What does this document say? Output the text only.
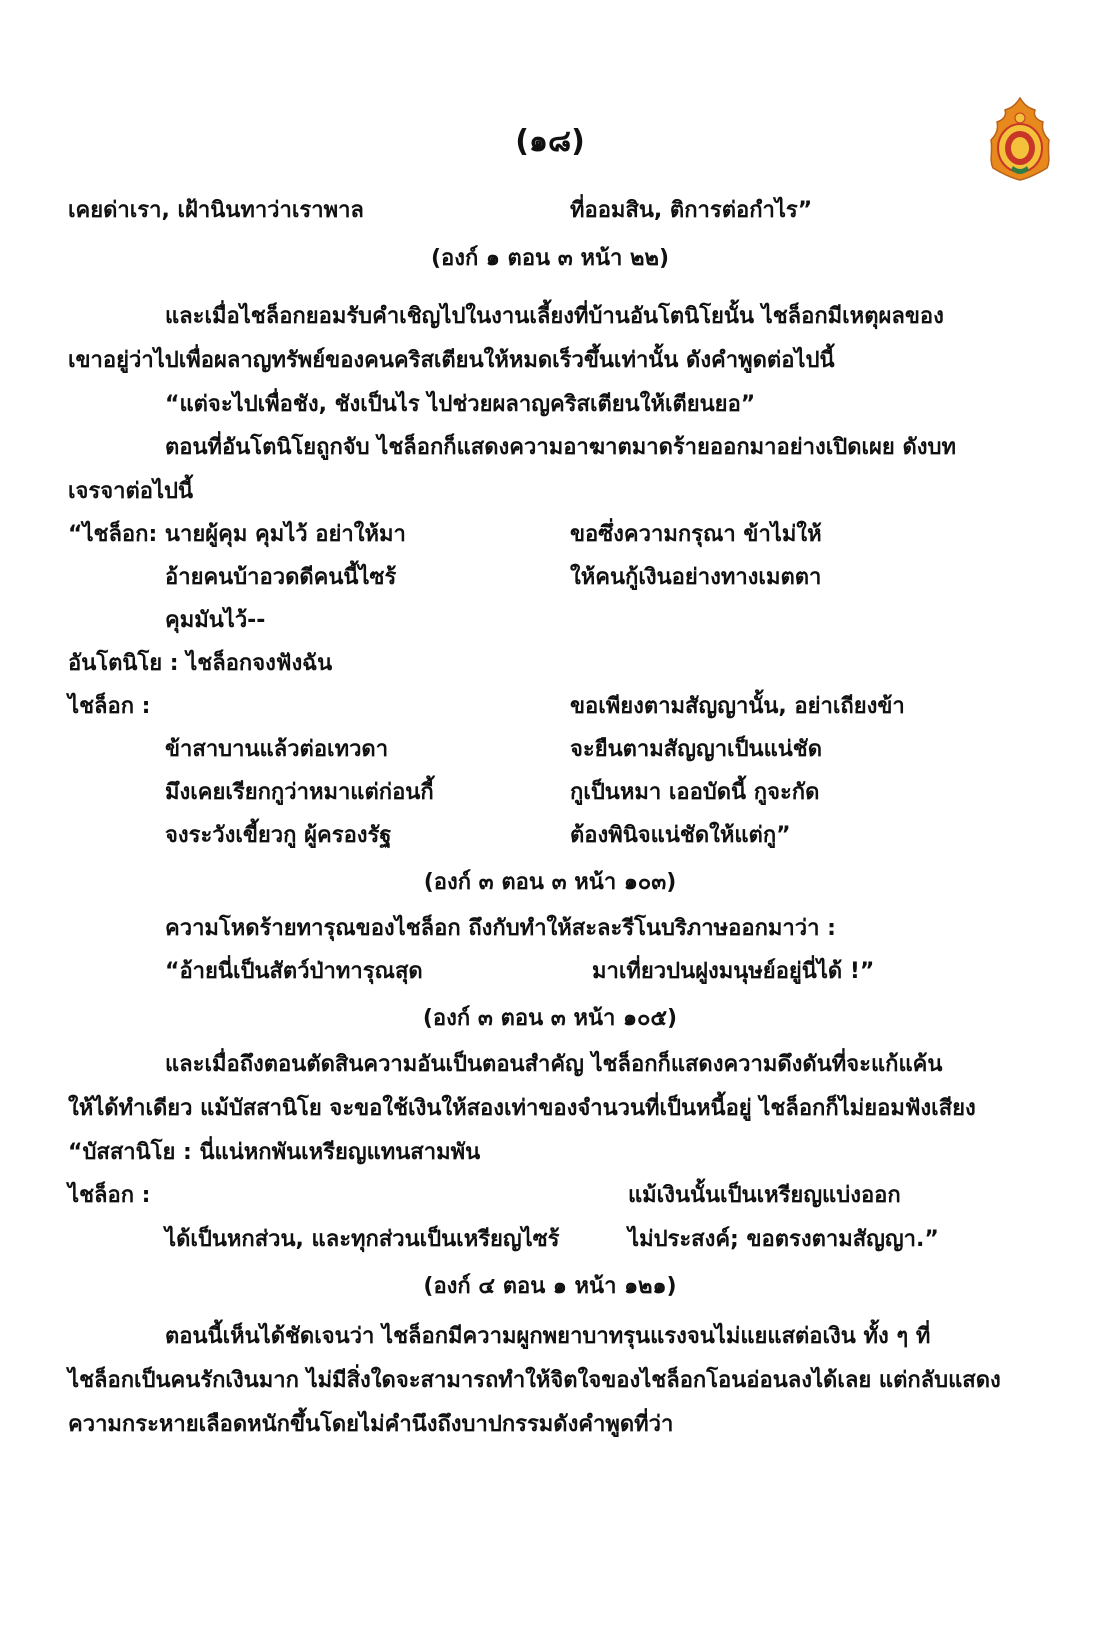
(๑๘)
เคยด่าเรา, เฝ้านินทาว่าเราพาล	ที่ออมสิน, ติการต่อกำไร”
(องก์ ๑ ตอน ๓ หน้า ๒๒)
และเมื่อไชล็อกยอมรับคำเชิญไปในงานเลี้ยงที่บ้านอันโตนิโยนั้น ไชล็อกมีเหตุผลของ
เขาอยู่ว่าไปเพื่อผลาญทรัพย์ของคนคริสเตียนให้หมดเร็วขึ้นเท่านั้น ดังคำพูดต่อไปนี้
“แต่จะไปเพื่อชัง, ชังเป็นไร ไปช่วยผลาญคริสเตียนให้เตียนยอ”
ตอนที่อันโตนิโยถูกจับ ไชล็อกก็แสดงความอาฆาตมาดร้ายออกมาอย่างเปิดเผย ดังบท
เจรจาต่อไปนี้
“ไชล็อก: นายผู้คุม คุมไว้ อย่าให้มา	ขอซึ่งความกรุณา ข้าไม่ให้
อ้ายคนบ้าอวดดีคนนี้ไซร้	ให้คนกู้เงินอย่างทางเมตตา
คุมมันไว้--
อันโตนิโย : ไชล็อกจงฟังฉัน
ไชล็อก :	ขอเพียงตามสัญญานั้น, อย่าเถียงข้า
ข้าสาบานแล้วต่อเทวดา	จะยืนตามสัญญาเป็นแน่ชัด
มึงเคยเรียกกูว่าหมาแต่ก่อนกี้	กูเป็นหมา เออบัดนี้ กูจะกัด
จงระวังเขี้ยวกู ผู้ครองรัฐ	ต้องพินิจแน่ชัดให้แต่กู”
(องก์ ๓ ตอน ๓ หน้า ๑๐๓)
ความโหดร้ายทารุณของไชล็อก ถึงกับทำให้สะละรีโนบริภาษออกมาว่า :
“อ้ายนี่เป็นสัตว์ป่าทารุณสุด	มาเที่ยวปนฝูงมนุษย์อยู่นี่ได้ !”
(องก์ ๓ ตอน ๓ หน้า ๑๐๕)
และเมื่อถึงตอนตัดสินความอันเป็นตอนสำคัญ ไชล็อกก็แสดงความดึงดันที่จะแก้แค้น
ให้ได้ทำเดียว แม้บัสสานิโย จะขอใช้เงินให้สองเท่าของจำนวนที่เป็นหนี้อยู่ ไชล็อกก็ไม่ยอมฟังเสียง
“บัสสานิโย : นี่แน่หกพันเหรียญแทนสามพัน
ไชล็อก :	แม้เงินนั้นเป็นเหรียญแบ่งออก
ได้เป็นหกส่วน, และทุกส่วนเป็นเหรียญไซร้	ไม่ประสงค์; ขอตรงตามสัญญา.”
(องก์ ๔ ตอน ๑ หน้า ๑๒๑)
ตอนนี้เห็นได้ชัดเจนว่า ไชล็อกมีความผูกพยาบาทรุนแรงจนไม่แยแสต่อเงิน ทั้ง ๆ ที่
ไชล็อกเป็นคนรักเงินมาก ไม่มีสิ่งใดจะสามารถทำให้จิตใจของไชล็อกโอนอ่อนลงได้เลย แต่กลับแสดง
ความกระหายเลือดหนักขึ้นโดยไม่คำนึงถึงบาปกรรมดังคำพูดที่ว่า
